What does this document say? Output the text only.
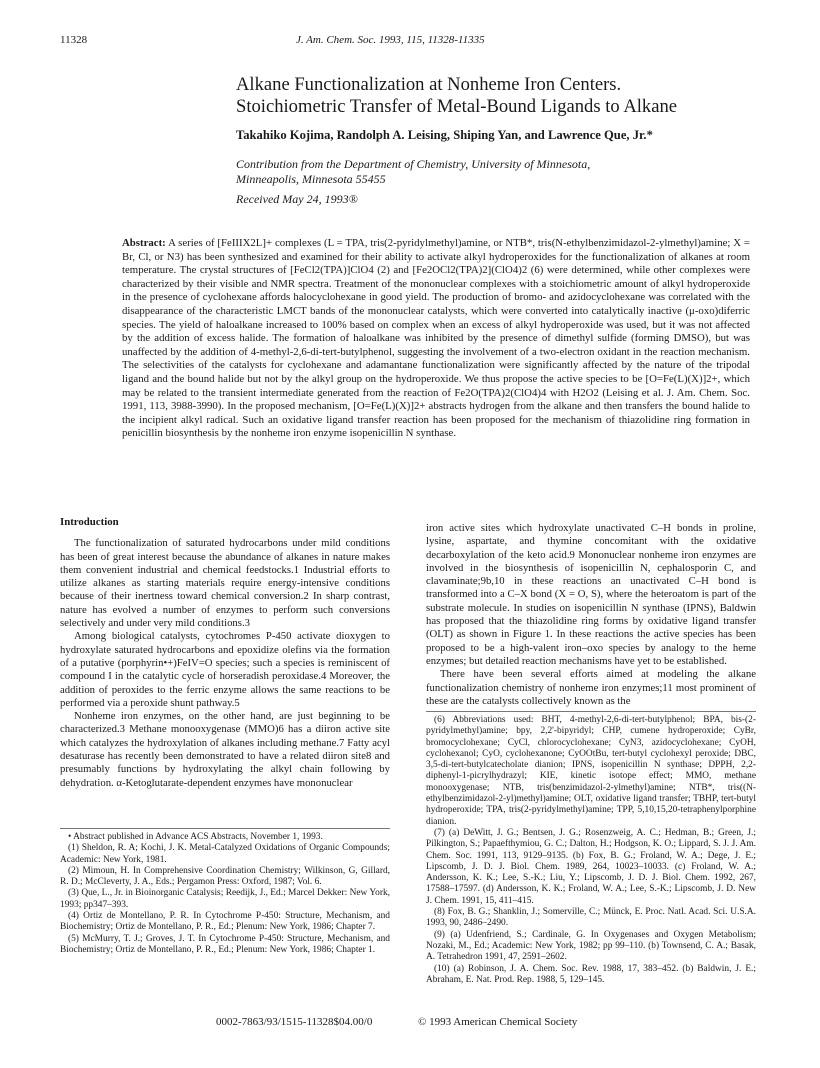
11328	J. Am. Chem. Soc. 1993, 115, 11328-11335
Alkane Functionalization at Nonheme Iron Centers.
Stoichiometric Transfer of Metal-Bound Ligands to Alkane
Takahiko Kojima, Randolph A. Leising, Shiping Yan, and Lawrence Que, Jr.*
Contribution from the Department of Chemistry, University of Minnesota,
Minneapolis, Minnesota 55455
Received May 24, 1993®
Abstract: A series of [FeIIIX2L]+ complexes (L = TPA, tris(2-pyridylmethyl)amine, or NTB*, tris(N-ethylbenzimidazol-2-ylmethyl)amine; X = Br, Cl, or N3) has been synthesized and examined for their ability to activate alkyl hydroperoxides for the functionalization of alkanes at room temperature. The crystal structures of [FeCl2(TPA)]ClO4 (2) and [Fe2OCl2(TPA)2](ClO4)2 (6) were determined, while other complexes were characterized by their visible and NMR spectra. Treatment of the mononuclear complexes with a stoichiometric amount of alkyl hydroperoxide in the presence of cyclohexane affords halocyclohexane in good yield. The production of bromo- and azidocyclohexane was correlated with the disappearance of the characteristic LMCT bands of the mononuclear catalysts, which were converted into catalytically inactive (μ-oxo)diferric species. The yield of haloalkane increased to 100% based on complex when an excess of alkyl hydroperoxide was used, but it was not affected by the addition of excess halide. The formation of haloalkane was inhibited by the presence of dimethyl sulfide (forming DMSO), but was unaffected by the addition of 4-methyl-2,6-di-tert-butylphenol, suggesting the involvement of a two-electron oxidant in the reaction mechanism. The selectivities of the catalysts for cyclohexane and adamantane functionalization were significantly affected by the nature of the tripodal ligand and the bound halide but not by the alkyl group on the hydroperoxide. We thus propose the active species to be [O=Fe(L)(X)]2+, which may be related to the transient intermediate generated from the reaction of Fe2O(TPA)2(ClO4)4 with H2O2 (Leising et al. J. Am. Chem. Soc. 1991, 113, 3988-3990). In the proposed mechanism, [O=Fe(L)(X)]2+ abstracts hydrogen from the alkane and then transfers the bound halide to the incipient alkyl radical. Such an oxidative ligand transfer reaction has been proposed for the mechanism of thiazolidine ring formation in penicillin biosynthesis by the nonheme iron enzyme isopenicillin N synthase.
Introduction

The functionalization of saturated hydrocarbons under mild conditions has been of great interest because the abundance of alkanes in nature makes them convenient industrial and chemical feedstocks.1 Industrial efforts to utilize alkanes as starting materials require energy-intensive conditions because of their inertness toward chemical conversion.2 In sharp contrast, nature has evolved a number of enzymes to perform such conversions selectively and under very mild conditions.3

Among biological catalysts, cytochromes P-450 activate dioxygen to hydroxylate saturated hydrocarbons and epoxidize olefins via the formation of a putative (porphyrin•+)FeIV=O species; such a species is reminiscent of compound I in the catalytic cycle of horseradish peroxidase.4 Moreover, the addition of peroxides to the ferric enzyme allows the same reactions to be performed via a peroxide shunt pathway.5

Nonheme iron enzymes, on the other hand, are just beginning to be characterized.3 Methane monooxygenase (MMO)6 has a diiron active site which catalyzes the hydroxylation of alkanes including methane.7 Fatty acyl desaturase has recently been demonstrated to have a related diiron site8 and presumably functions by hydroxylating the alkyl chain following by dehydration. α-Ketoglutarate-dependent enzymes have mononuclear

iron active sites which hydroxylate unactivated C–H bonds in proline, lysine, aspartate, and thymine concomitant with the oxidative decarboxylation of the keto acid.9 Mononuclear nonheme iron enzymes are involved in the biosynthesis of isopenicillin N, cephalosporin C, and clavaminate;9b,10 in these reactions an unactivated C–H bond is transformed into a C–X bond (X = O, S), where the heteroatom is part of the substrate molecule. In studies on isopenicillin N synthase (IPNS), Baldwin has proposed that the thiazolidine ring forms by oxidative ligand transfer (OLT) as shown in Figure 1. In these reactions the active species has been proposed to be a high-valent iron–oxo species by analogy to the heme enzymes; but detailed reaction mechanisms have yet to be established.

There have been several efforts aimed at modeling the alkane functionalization chemistry of nonheme iron enzymes;11 most prominent of these are the catalysts collectively known as the

• Abstract published in Advance ACS Abstracts, November 1, 1993.

(1) Sheldon, R. A; Kochi, J. K. Metal-Catalyzed Oxidations of Organic Compounds; Academic: New York, 1981.

(2) Mimoun, H. In Comprehensive Coordination Chemistry; Wilkinson, G, Gillard, R. D.; McCleverty, J. A., Eds.; Pergamon Press: Oxford, 1987; Vol. 6.

(3) Que, L., Jr. in Bioinorganic Catalysis; Reedijk, J., Ed.; Marcel Dekker: New York, 1993; pp347–393.

(4) Ortiz de Montellano, P. R. In Cytochrome P-450: Structure, Mechanism, and Biochemistry; Ortiz de Montellano, P. R., Ed.; Plenum: New York, 1986; Chapter 7.

(5) McMurry, T. J.; Groves, J. T. In Cytochrome P-450: Structure, Mechanism, and Biochemistry; Ortiz de Montellano, P. R., Ed.; Plenum: New York, 1986; Chapter 1.

(6) Abbreviations used: BHT, 4-methyl-2,6-di-tert-butylphenol; BPA, bis-(2-pyridylmethyl)amine; bpy, 2,2'-bipyridyl; CHP, cumene hydroperoxide; CyBr, bromocyclohexane; CyCl, chlorocyclohexane; CyN3, azidocyclohexane; CyOH, cyclohexanol; CyO, cyclohexanone; CyOOtBu, tert-butyl cyclohexyl peroxide; DBC, 3,5-di-tert-butylcatecholate dianion; IPNS, isopenicillin N synthase; DPPH, 2,2-diphenyl-1-picrylhydrazyl; KIE, kinetic isotope effect; MMO, methane monooxygenase; NTB, tris(benzimidazol-2-ylmethyl)amine; NTB*, tris((N-ethylbenzimidazol-2-yl)methyl)amine; OLT, oxidative ligand transfer; TBHP, tert-butyl hydroperoxide; TPA, tris(2-pyridylmethyl)amine; TPP, 5,10,15,20-tetraphenylporphine dianion.

(7) (a) DeWitt, J. G.; Bentsen, J. G.; Rosenzweig, A. C.; Hedman, B.; Green, J.; Pilkington, S.; Papaefthymiou, G. C.; Dalton, H.; Hodgson, K. O.; Lippard, S. J. J. Am. Chem. Soc. 1991, 113, 9129–9135. (b) Fox, B. G.; Froland, W. A.; Dege, J. E.; Lipscomb, J. D. J. Biol. Chem. 1989, 264, 10023–10033. (c) Froland, W. A.; Andersson, K. K.; Lee, S.-K.; Liu, Y.; Lipscomb, J. D. J. Biol. Chem. 1992, 267, 17588–17597. (d) Andersson, K. K.; Froland, W. A.; Lee, S.-K.; Lipscomb, J. D. New J. Chem. 1991, 15, 411–415.

(8) Fox, B. G.; Shanklin, J.; Somerville, C.; Münck, E. Proc. Natl. Acad. Sci. U.S.A. 1993, 90, 2486–2490.

(9) (a) Udenfriend, S.; Cardinale, G. In Oxygenases and Oxygen Metabolism; Nozaki, M., Ed.; Academic: New York, 1982; pp 99–110. (b) Townsend, C. A.; Basak, A. Tetrahedron 1991, 47, 2591–2602.

(10) (a) Robinson, J. A. Chem. Soc. Rev. 1988, 17, 383–452. (b) Baldwin, J. E.; Abraham, E. Nat. Prod. Rep. 1988, 5, 129–145.

0002-7863/93/1515-11328$04.00/0	© 1993 American Chemical Society
